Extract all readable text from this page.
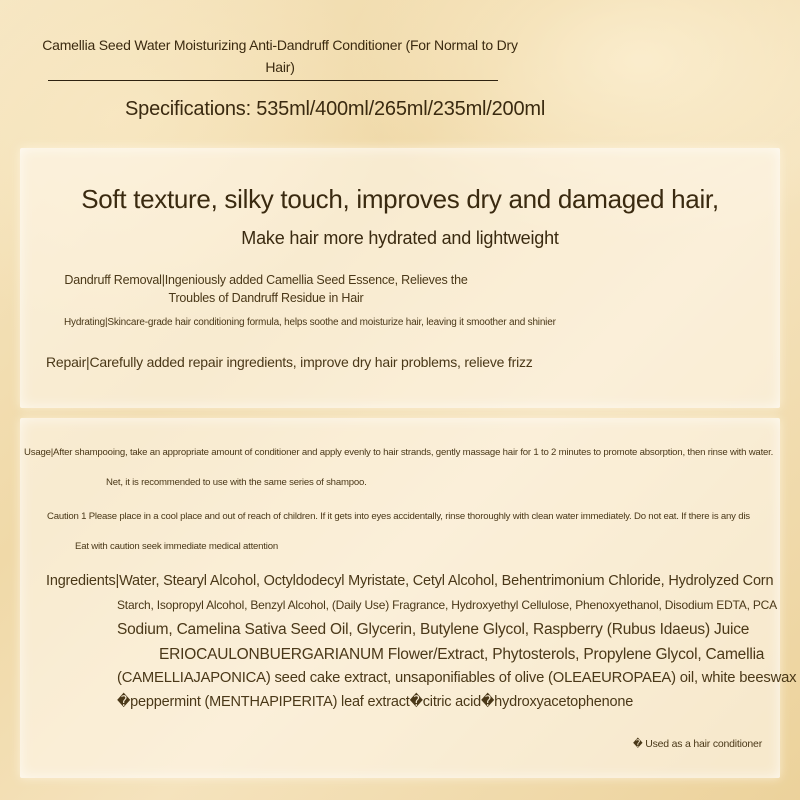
Camellia Seed Water Moisturizing Anti-Dandruff Conditioner (For Normal to Dry Hair)
Specifications: 535ml/400ml/265ml/235ml/200ml
Soft texture, silky touch, improves dry and damaged hair,
Make hair more hydrated and lightweight
Dandruff Removal|Ingeniously added Camellia Seed Essence, Relieves the Troubles of Dandruff Residue in Hair
Hydrating|Skincare-grade hair conditioning formula, helps soothe and moisturize hair, leaving it smoother and shinier
Repair|Carefully added repair ingredients, improve dry hair problems, relieve frizz
Usage|After shampooing, take an appropriate amount of conditioner and apply evenly to hair strands, gently massage hair for 1 to 2 minutes to promote absorption, then rinse with water.
Net, it is recommended to use with the same series of shampoo.
Caution 1 Please place in a cool place and out of reach of children. If it gets into eyes accidentally, rinse thoroughly with clean water immediately. Do not eat. If there is any dis
Eat with caution seek immediate medical attention
Ingredients|Water, Stearyl Alcohol, Octyldodecyl Myristate, Cetyl Alcohol, Behentrimonium Chloride, Hydrolyzed Corn
Starch, Isopropyl Alcohol, Benzyl Alcohol, (Daily Use) Fragrance, Hydroxyethyl Cellulose, Phenoxyethanol, Disodium EDTA, PCA
Sodium, Camelina Sativa Seed Oil, Glycerin, Butylene Glycol, Raspberry (Rubus Idaeus) Juice
ERIOCAULONBUERGARIANUM Flower/Extract, Phytosterols, Propylene Glycol, Camellia
(CAMELLIAJAPONICA) seed cake extract, unsaponifiables of olive (OLEAEUROPAEA) oil, white beeswax
�peppermint (MENTHAPIPERITA) leaf extract�citric acid�hydroxyacetophenone
� Used as a hair conditioner
